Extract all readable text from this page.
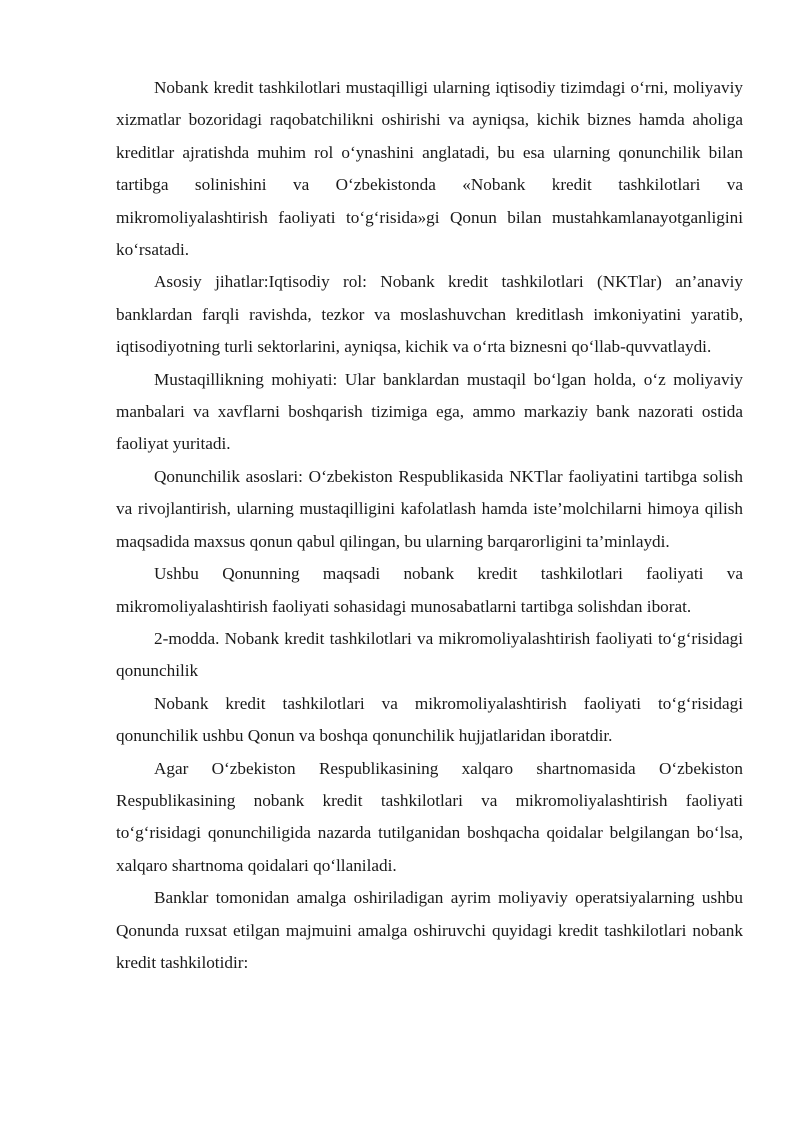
Nobank kredit tashkilotlari mustaqilligi ularning iqtisodiy tizimdagi o‘rni, moliyaviy xizmatlar bozoridagi raqobatchilikni oshirishi va ayniqsa, kichik biznes hamda aholiga kreditlar ajratishda muhim rol o‘ynashini anglatadi, bu esa ularning qonunchilik bilan tartibga solinishini va O‘zbekistonda «Nobank kredit tashkilotlari va mikromoliyalashtirish faoliyati to‘g‘risida»gi Qonun bilan mustahkamlanayotganligini ko‘rsatadi.

Asosiy jihatlar:Iqtisodiy rol: Nobank kredit tashkilotlari (NKTlar) an’anaviy banklardan farqli ravishda, tezkor va moslashuvchan kreditlash imkoniyatini yaratib, iqtisodiyotning turli sektorlarini, ayniqsa, kichik va o‘rta biznesni qo‘llab-quvvatlaydi.

Mustaqillikning mohiyati: Ular banklardan mustaqil bo‘lgan holda, o‘z moliyaviy manbalari va xavflarni boshqarish tizimiga ega, ammo markaziy bank nazorati ostida faoliyat yuritadi.

Qonunchilik asoslari: O‘zbekiston Respublikasida NKTlar faoliyatini tartibga solish va rivojlantirish, ularning mustaqilligini kafolatlash hamda iste’molchilarni himoya qilish maqsadida maxsus qonun qabul qilingan, bu ularning barqarorligini ta’minlaydi.

Ushbu Qonunning maqsadi nobank kredit tashkilotlari faoliyati va mikromoliyalashtirish faoliyati sohasidagi munosabatlarni tartibga solishdan iborat.

2-modda. Nobank kredit tashkilotlari va mikromoliyalashtirish faoliyati to‘g‘risidagi qonunchilik

Nobank kredit tashkilotlari va mikromoliyalashtirish faoliyati to‘g‘risidagi qonunchilik ushbu Qonun va boshqa qonunchilik hujjatlaridan iboratdir.

Agar O‘zbekiston Respublikasining xalqaro shartnomasida O‘zbekiston Respublikasining nobank kredit tashkilotlari va mikromoliyalashtirish faoliyati to‘g‘risidagi qonunchiligida nazarda tutilganidan boshqacha qoidalar belgilangan bo‘lsa, xalqaro shartnoma qoidalari qo‘llaniladi.

Banklar tomonidan amalga oshiriladigan ayrim moliyaviy operatsiyalarning ushbu Qonunda ruxsat etilgan majmuini amalga oshiruvchi quyidagi kredit tashkilotlari nobank kredit tashkilotidir:
